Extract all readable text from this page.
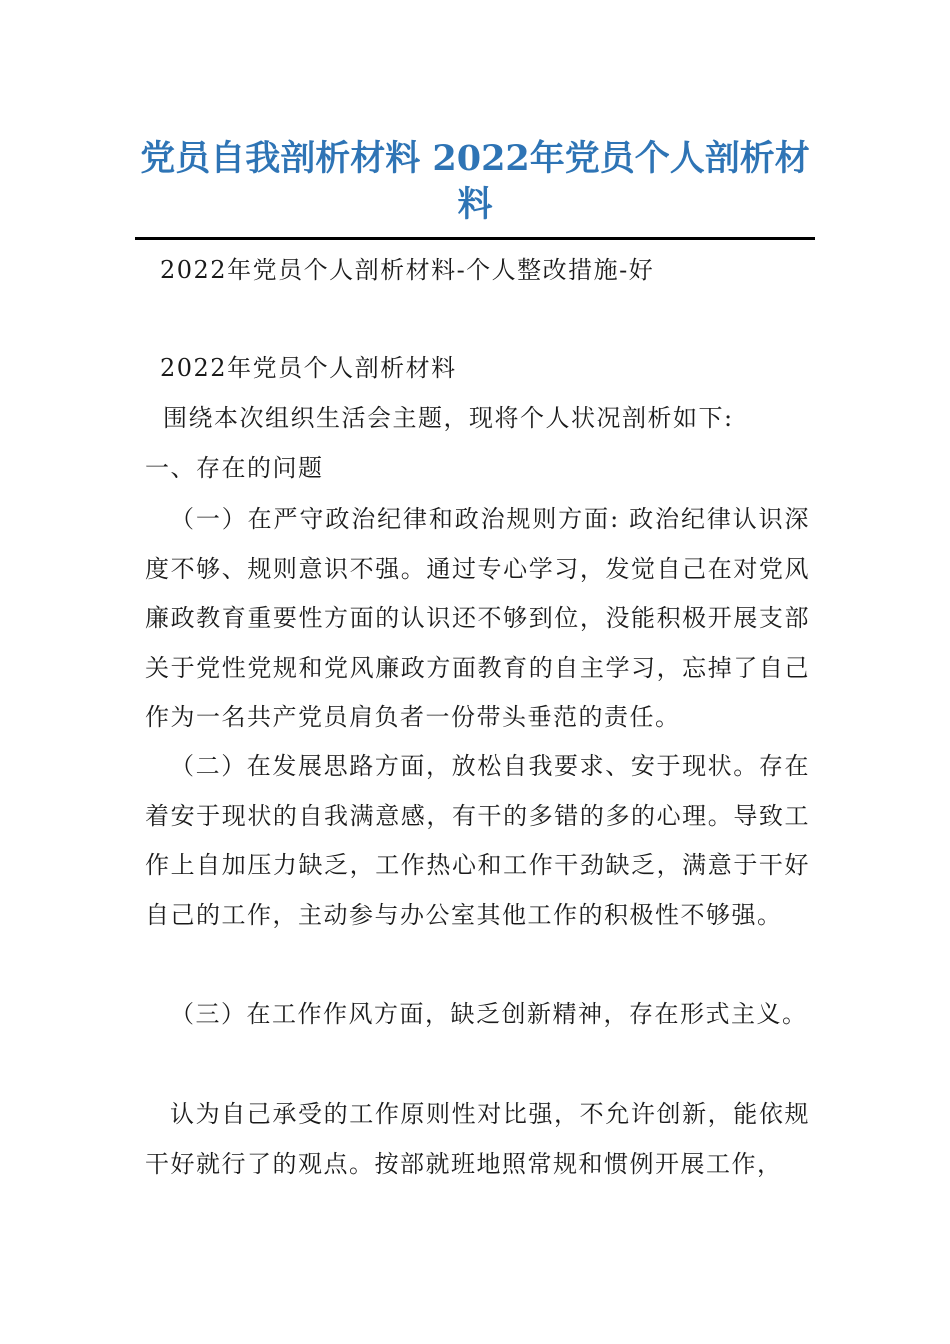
党员自我剖析材料 2022年党员个人剖析材料

2022年党员个人剖析材料-个人整改措施-好

2022年党员个人剖析材料

围绕本次组织生活会主题，现将个人状况剖析如下:

一、存在的问题

（一）在严守政治纪律和政治规则方面: 政治纪律认识深度不够、规则意识不强。通过专心学习，发觉自己在对党风廉政教育重要性方面的认识还不够到位，没能积极开展支部关于党性党规和党风廉政方面教育的自主学习，忘掉了自己作为一名共产党员肩负者一份带头垂范的责任。

（二）在发展思路方面，放松自我要求、安于现状。存在着安于现状的自我满意感，有干的多错的多的心理。导致工作上自加压力缺乏，工作热心和工作干劲缺乏，满意于干好自己的工作，主动参与办公室其他工作的积极性不够强。

（三）在工作作风方面，缺乏创新精神，存在形式主义。

认为自己承受的工作原则性对比强，不允许创新，能依规干好就行了的观点。按部就班地照常规和惯例开展工作，
